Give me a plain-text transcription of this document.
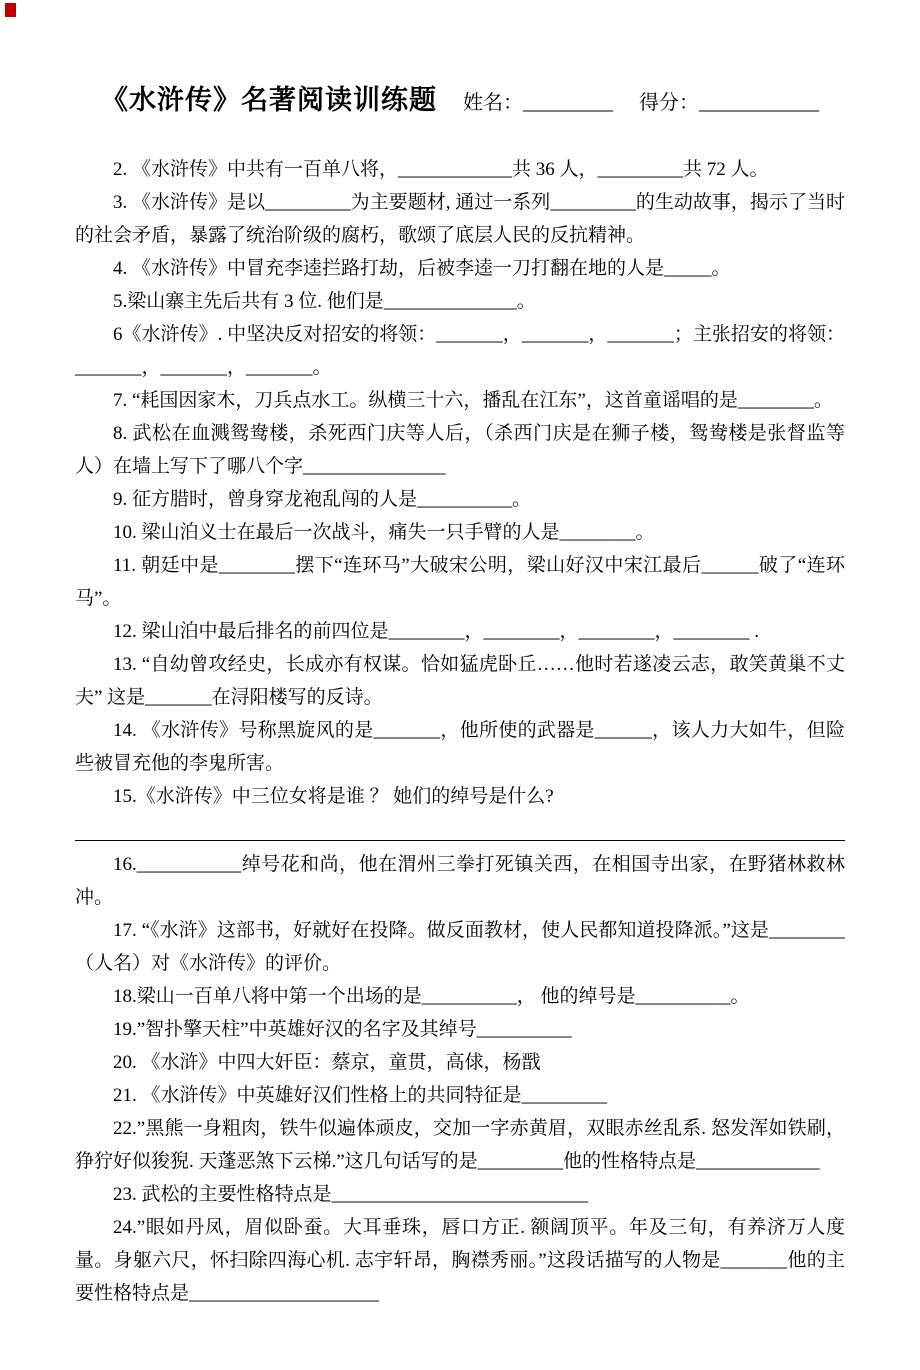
《水浒传》名著阅读训练题 姓名：_________ 得分：____________

2. 《水浒传》中共有一百单八将，____________共 36 人，_________共 72 人。

3. 《水浒传》是以_________为主要题材, 通过一系列_________的生动故事，揭示了当时的社会矛盾，暴露了统治阶级的腐朽，歌颂了底层人民的反抗精神。

4. 《水浒传》中冒充李逵拦路打劫，后被李逵一刀打翻在地的人是_____。

5.梁山寨主先后共有 3 位. 他们是______________。

6《水浒传》. 中坚决反对招安的将领：_______，_______，_______；主张招安的将领：_______，_______，_______。

7. “耗国因家木，刀兵点水工。纵横三十六，播乱在江东”，这首童谣唱的是________。

8. 武松在血溅鸳鸯楼，杀死西门庆等人后，（杀西门庆是在狮子楼，鸳鸯楼是张督监等人）在墙上写下了哪八个字_______________

9. 征方腊时，曾身穿龙袍乱闯的人是__________。

10. 梁山泊义士在最后一次战斗，痛失一只手臂的人是________。

11. 朝廷中是________摆下“连环马”大破宋公明，梁山好汉中宋江最后______破了“连环马”。

12. 梁山泊中最后排名的前四位是________，________，________，________ .

13. “自幼曾攻经史，长成亦有权谋。恰如猛虎卧丘……他时若遂凌云志，敢笑黄巢不丈夫” 这是_______在浔阳楼写的反诗。

14. 《水浒传》号称黑旋风的是_______，他所使的武器是______，该人力大如牛，但险些被冒充他的李鬼所害。

15.《水浒传》中三位女将是谁 ？ 她们的绰号是什么?

16.___________绰号花和尚，他在渭州三拳打死镇关西，在相国寺出家，在野猪林救林冲。

17. “《水浒》这部书，好就好在投降。做反面教材，使人民都知道投降派。”这是________（人名）对《水浒传》的评价。

18.梁山一百单八将中第一个出场的是__________， 他的绰号是__________。

19.”智扑擎天柱”中英雄好汉的名字及其绰号__________

20. 《水浒》中四大奸臣：蔡京，童贯，高俅，杨戬

21. 《水浒传》中英雄好汉们性格上的共同特征是_________

22.”黑熊一身粗肉，铁牛似遍体顽皮，交加一字赤黄眉，双眼赤丝乱系. 怒发浑如铁刷，狰狞好似狻猊. 天蓬恶煞下云梯.”这几句话写的是_________他的性格特点是_____________

23. 武松的主要性格特点是___________________________

24.”眼如丹凤，眉似卧蚕。大耳垂珠，唇口方正. 额阔顶平。年及三旬，有养济万人度量。身躯六尺，怀扫除四海心机. 志宇轩昂，胸襟秀丽。”这段话描写的人物是_______他的主要性格特点是____________________
